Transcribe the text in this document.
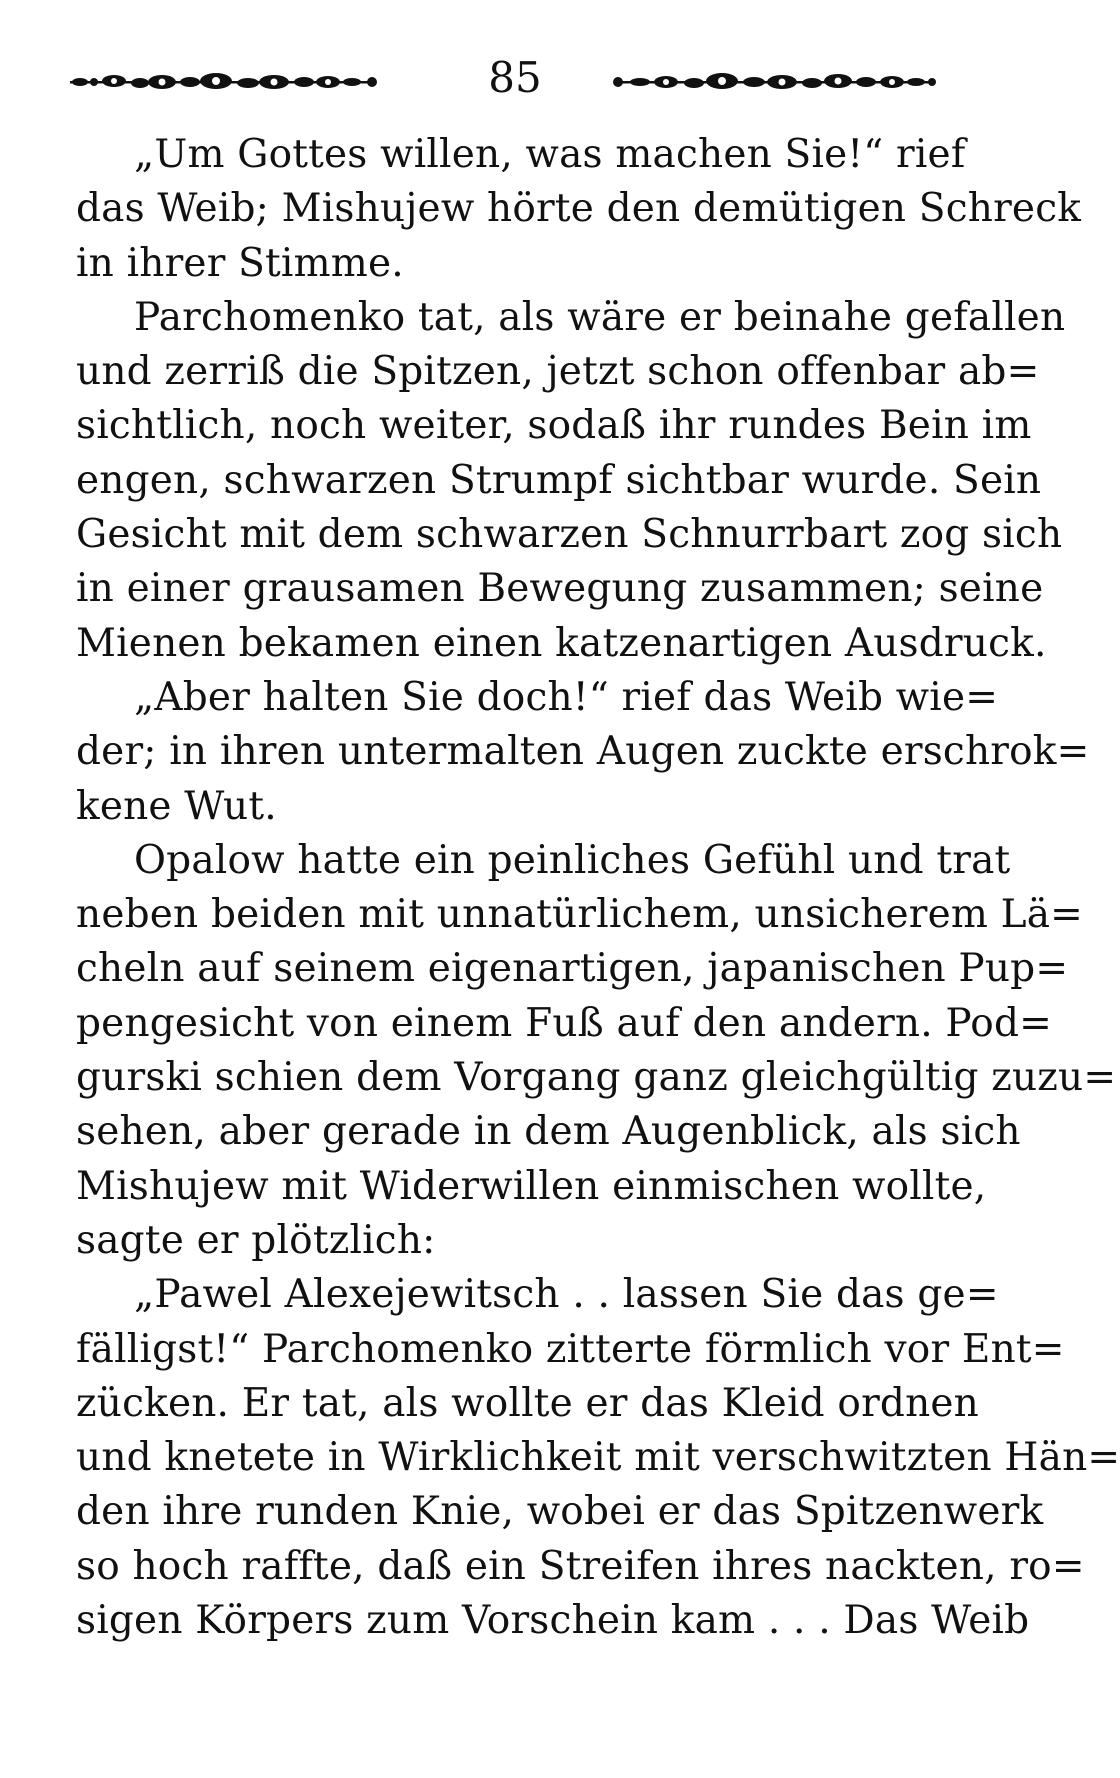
85
„Um Gottes willen, was machen Sie!“ rief
das Weib; Mishujew hörte den demütigen Schreck
in ihrer Stimme.
Parchomenko tat, als wäre er beinahe gefallen
und zerriß die Spitzen, jetzt schon offenbar ab=
sichtlich, noch weiter, sodaß ihr rundes Bein im
engen, schwarzen Strumpf sichtbar wurde. Sein
Gesicht mit dem schwarzen Schnurrbart zog sich
in einer grausamen Bewegung zusammen; seine
Mienen bekamen einen katzenartigen Ausdruck.
„Aber halten Sie doch!“ rief das Weib wie=
der; in ihren untermalten Augen zuckte erschrok=
kene Wut.
Opalow hatte ein peinliches Gefühl und trat
neben beiden mit unnatürlichem, unsicherem Lä=
cheln auf seinem eigenartigen, japanischen Pup=
pengesicht von einem Fuß auf den andern. Pod=
gurski schien dem Vorgang ganz gleichgültig zuzu=
sehen, aber gerade in dem Augenblick, als sich
Mishujew mit Widerwillen einmischen wollte,
sagte er plötzlich:
„Pawel Alexejewitsch . . lassen Sie das ge=
fälligst!“ Parchomenko zitterte förmlich vor Ent=
zücken. Er tat, als wollte er das Kleid ordnen
und knetete in Wirklichkeit mit verschwitzten Hän=
den ihre runden Knie, wobei er das Spitzenwerk
so hoch raffte, daß ein Streifen ihres nackten, ro=
sigen Körpers zum Vorschein kam . . . Das Weib
